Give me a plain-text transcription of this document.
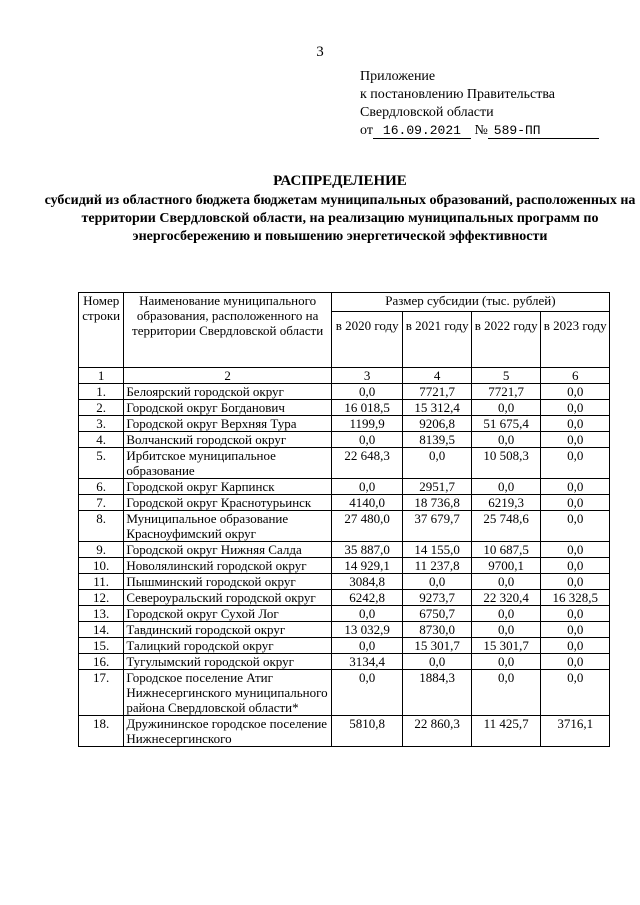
3
Приложение
к постановлению Правительства
Свердловской области
от 16.09.2021 № 589-ПП
РАСПРЕДЕЛЕНИЕ
субсидий из областного бюджета бюджетам муниципальных образований, расположенных на территории Свердловской области, на реализацию муниципальных программ по энергосбережению и повышению энергетической эффективности
Номер строки	Наименование муниципального образования, расположенного на территории Свердловской области	Размер субсидии (тыс. рублей)			
		в 2020 году	в 2021 году	в 2022 году	в 2023 году
1	2	3	4	5	6
1.	Белоярский городской округ	0,0	7721,7	7721,7	0,0
2.	Городской округ Богданович	16 018,5	15 312,4	0,0	0,0
3.	Городской округ Верхняя Тура	1199,9	9206,8	51 675,4	0,0
4.	Волчанский городской округ	0,0	8139,5	0,0	0,0
5.	Ирбитское муниципальное образование	22 648,3	0,0	10 508,3	0,0
6.	Городской округ Карпинск	0,0	2951,7	0,0	0,0
7.	Городской округ Краснотурьинск	4140,0	18 736,8	6219,3	0,0
8.	Муниципальное образование Красноуфимский округ	27 480,0	37 679,7	25 748,6	0,0
9.	Городской округ Нижняя Салда	35 887,0	14 155,0	10 687,5	0,0
10.	Новолялинский городской округ	14 929,1	11 237,8	9700,1	0,0
11.	Пышминский городской округ	3084,8	0,0	0,0	0,0
12.	Североуральский городской округ	6242,8	9273,7	22 320,4	16 328,5
13.	Городской округ Сухой Лог	0,0	6750,7	0,0	0,0
14.	Тавдинский городской округ	13 032,9	8730,0	0,0	0,0
15.	Талицкий городской округ	0,0	15 301,7	15 301,7	0,0
16.	Тугулымский городской округ	3134,4	0,0	0,0	0,0
17.	Городское поселение Атиг Нижнесергинского муниципального района Свердловской области*	0,0	1884,3	0,0	0,0
18.	Дружининское городское поселение Нижнесергинского	5810,8	22 860,3	11 425,7	3716,1
